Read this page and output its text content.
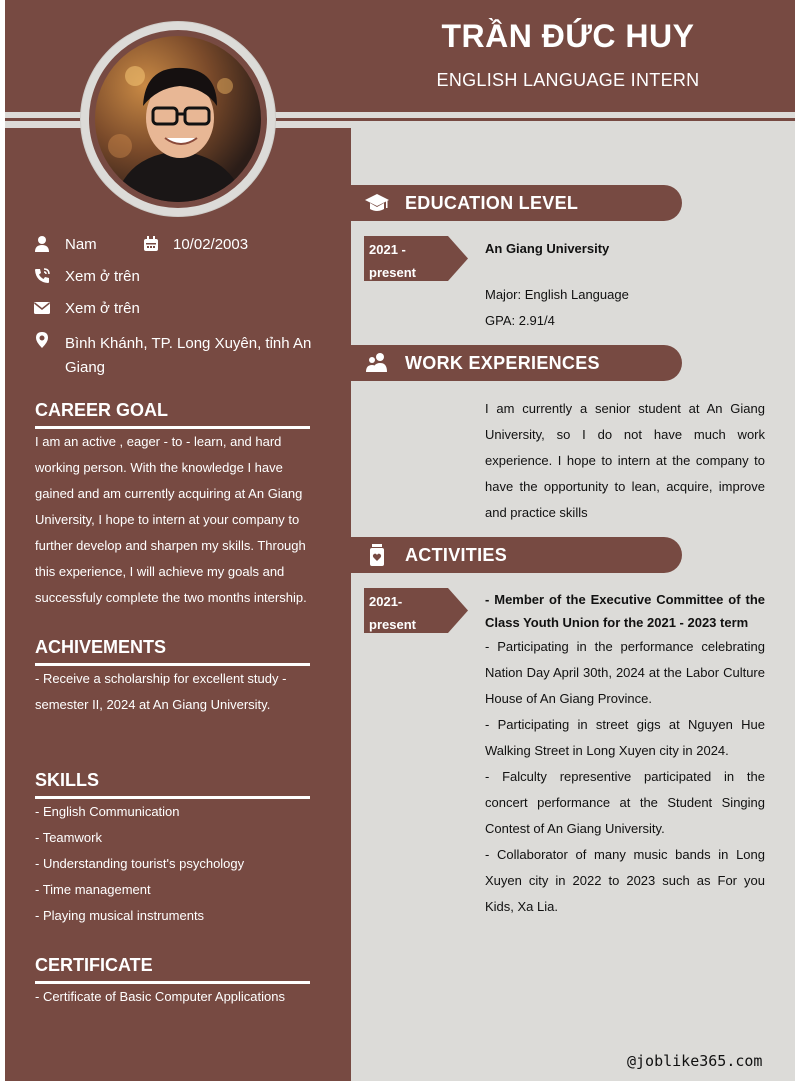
TRẦN ĐỨC HUY
ENGLISH LANGUAGE INTERN
Nam	10/02/2003
Xem ở trên
Xem ở trên
Bình Khánh, TP. Long Xuyên, tỉnh An Giang
CAREER GOAL
I am an active , eager - to - learn, and hard working person. With the knowledge I have gained and am currently acquiring at An Giang University, I hope to intern at your company to further develop and sharpen my skills. Through this experience, I will achieve my goals and successfuly complete the two months intership.
ACHIVEMENTS
- Receive a scholarship for excellent study - semester II, 2024 at An Giang University.
SKILLS
- English Communication
- Teamwork
- Understanding tourist's psychology
- Time management
- Playing musical instruments
CERTIFICATE
- Certificate of Basic Computer Applications
EDUCATION LEVEL
2021 - present
An Giang University
Major: English Language
GPA: 2.91/4
WORK EXPERIENCES
I am currently a senior student at An Giang University, so I do not have much work experience. I hope to intern at the company to have the opportunity to lean, acquire, improve and practice skills
ACTIVITIES
2021- present
- Member of the Executive Committee of the Class Youth Union for the 2021 - 2023 term
- Participating in the performance celebrating Nation Day April 30th, 2024 at the Labor Culture House of An Giang Province.
- Participating in street gigs at Nguyen Hue Walking Street in Long Xuyen city in 2024.
- Falculty representive participated in the concert performance at the Student Singing Contest of An Giang University.
- Collaborator of many music bands in Long Xuyen city in 2022 to 2023 such as For you Kids, Xa Lia.
@joblike365.com
